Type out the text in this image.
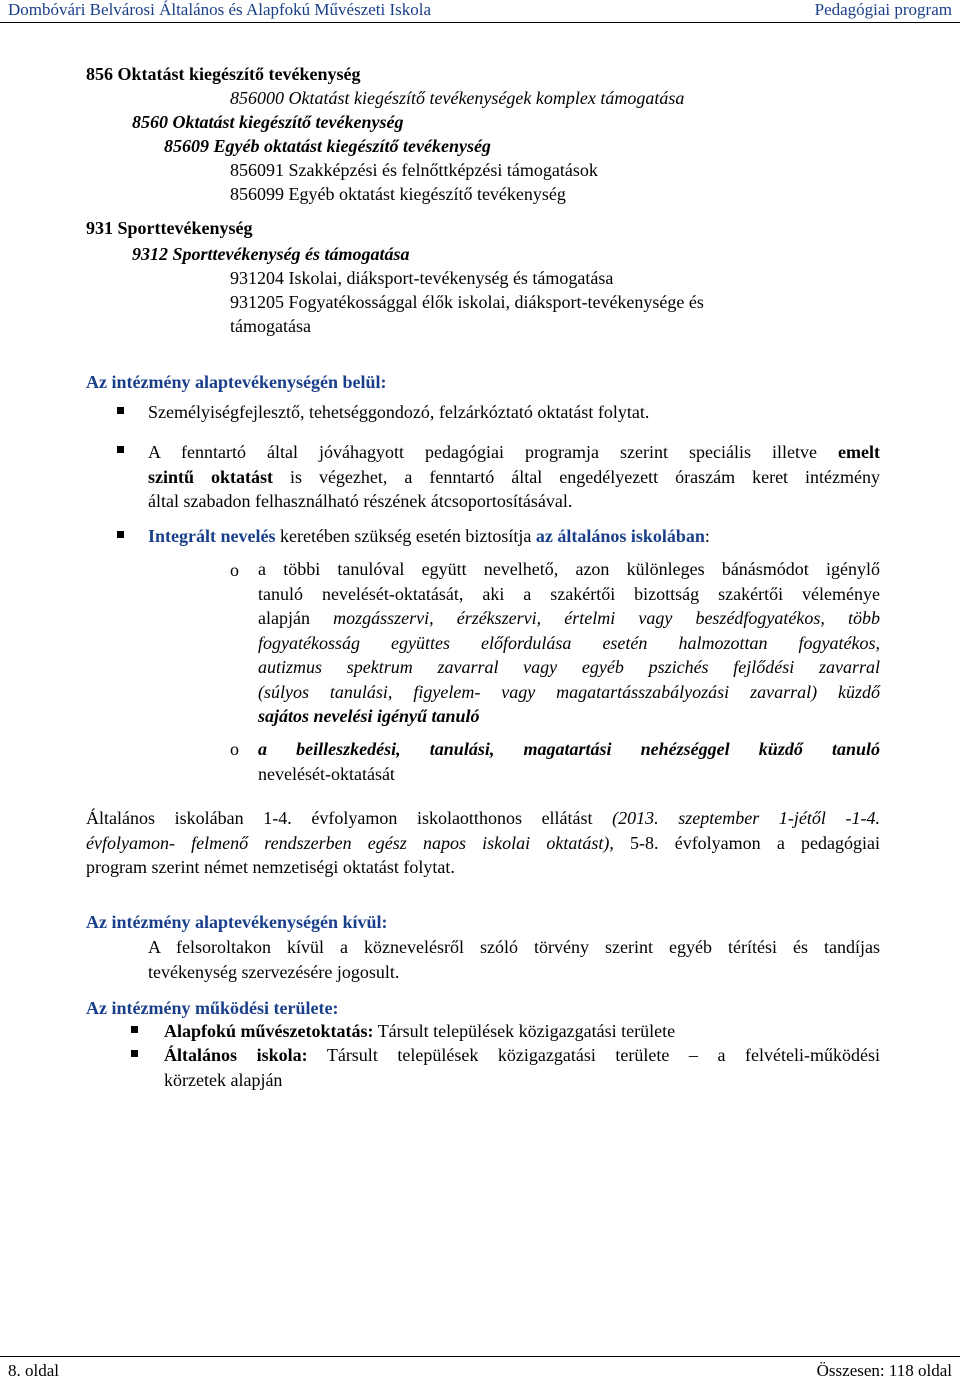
Dombóvári Belvárosi Általános és Alapfokú Művészeti Iskola	Pedagógiai program
856 Oktatást kiegészítő tevékenység
856000 Oktatást kiegészítő tevékenységek komplex támogatása
8560 Oktatást kiegészítő tevékenység
85609 Egyéb oktatást kiegészítő tevékenység
856091 Szakképzési és felnőttképzési támogatások
856099 Egyéb oktatást kiegészítő tevékenység
931 Sporttevékenység
9312 Sporttevékenység és támogatása
931204 Iskolai, diáksport-tevékenység és támogatása
931205 Fogyatékossággal élők iskolai, diáksport-tevékenysége és
támogatása
Az intézmény alaptevékenységén belül:
Személyiségfejlesztő, tehetséggondozó, felzárkóztató oktatást folytat.
A fenntartó által jóváhagyott pedagógiai programja szerint speciális illetve emelt
szintű oktatást is végezhet, a fenntartó által engedélyezett óraszám keret intézmény
által szabadon felhasználható részének átcsoportosításával.
Integrált nevelés keretében szükség esetén biztosítja az általános iskolában:
o a többi tanulóval együtt nevelhető, azon különleges bánásmódot igénylő
tanuló nevelését-oktatását, aki a szakértői bizottság szakértői véleménye
alapján mozgásszervi, érzékszervi, értelmi vagy beszédfogyatékos, több
fogyatékosság együttes előfordulása esetén halmozottan fogyatékos,
autizmus spektrum zavarral vagy egyéb pszichés fejlődési zavarral
(súlyos tanulási, figyelem- vagy magatartásszabályozási zavarral) küzdő
sajátos nevelési igényű tanuló
o a beilleszkedési, tanulási, magatartási nehézséggel küzdő tanuló
nevelését-oktatását
Általános iskolában 1-4. évfolyamon iskolaotthonos ellátást (2013. szeptember 1-jétől -1-4.
évfolyamon- felmenő rendszerben egész napos iskolai oktatást), 5-8. évfolyamon a pedagógiai
program szerint német nemzetiségi oktatást folytat.
Az intézmény alaptevékenységén kívül:
A felsoroltakon kívül a köznevelésről szóló törvény szerint egyéb térítési és tandíjas
tevékenység szervezésére jogosult.
Az intézmény működési területe:
Alapfokú művészetoktatás: Társult települések közigazgatási területe
Általános iskola: Társult települések közigazgatási területe – a felvételi-működési
körzetek alapján
8. oldal	Összesen: 118 oldal
